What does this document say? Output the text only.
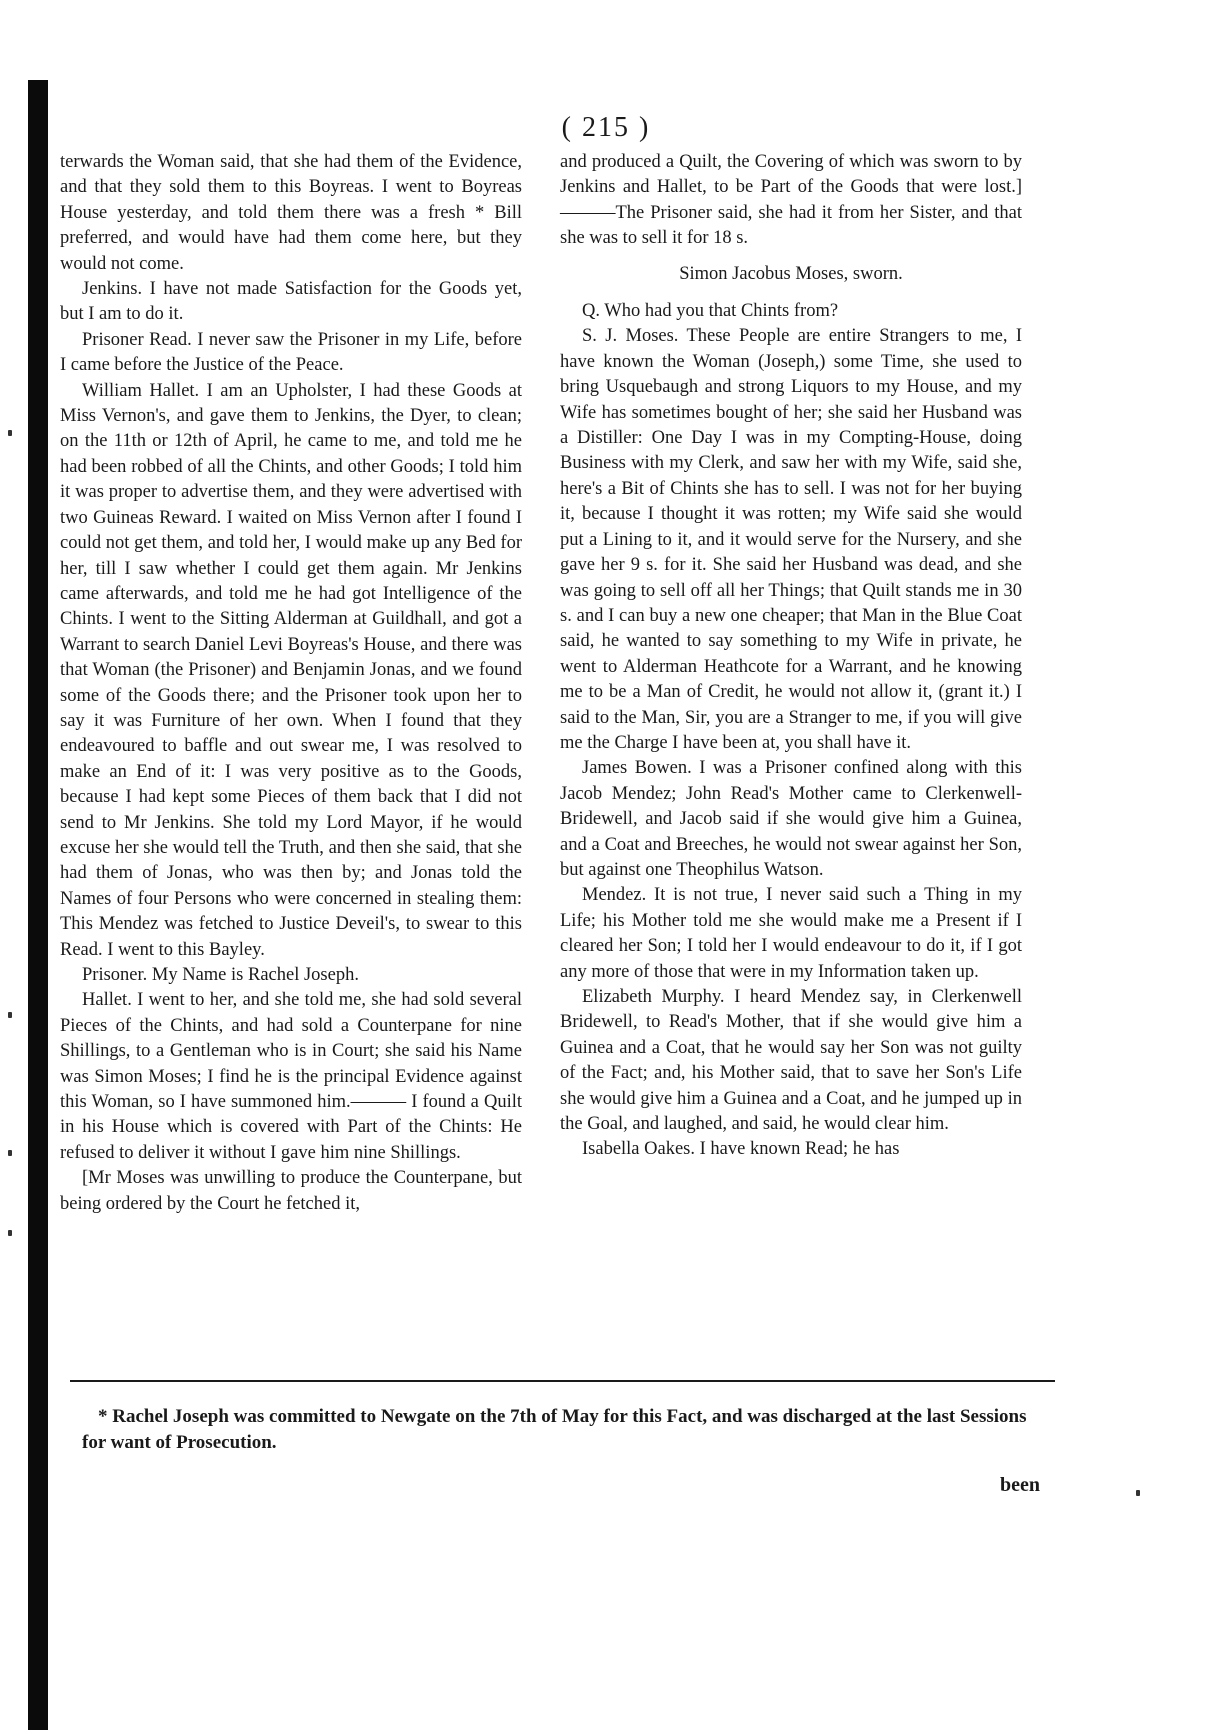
( 215 )

terwards the Woman said, that she had them of the Evidence, and that they sold them to this Boyreas. I went to Boyreas House yesterday, and told them there was a fresh * Bill preferred, and would have had them come here, but they would not come.

Jenkins. I have not made Satisfaction for the Goods yet, but I am to do it.

Prisoner Read. I never saw the Prisoner in my Life, before I came before the Justice of the Peace.

William Hallet. I am an Upholster, I had these Goods at Miss Vernon's, and gave them to Jenkins, the Dyer, to clean; on the 11th or 12th of April, he came to me, and told me he had been robbed of all the Chints, and other Goods; I told him it was proper to advertise them, and they were advertised with two Guineas Reward. I waited on Miss Vernon after I found I could not get them, and told her, I would make up any Bed for her, till I saw whether I could get them again. Mr Jenkins came afterwards, and told me he had got Intelligence of the Chints. I went to the Sitting Alderman at Guildhall, and got a Warrant to search Daniel Levi Boyreas's House, and there was that Woman (the Prisoner) and Benjamin Jonas, and we found some of the Goods there; and the Prisoner took upon her to say it was Furniture of her own. When I found that they endeavoured to baffle and out swear me, I was resolved to make an End of it: I was very positive as to the Goods, because I had kept some Pieces of them back that I did not send to Mr Jenkins. She told my Lord Mayor, if he would excuse her she would tell the Truth, and then she said, that she had them of Jonas, who was then by; and Jonas told the Names of four Persons who were concerned in stealing them: This Mendez was fetched to Justice Deveil's, to swear to this Read. I went to this Bayley.

Prisoner. My Name is Rachel Joseph.

Hallet. I went to her, and she told me, she had sold several Pieces of the Chints, and had sold a Counterpane for nine Shillings, to a Gentleman who is in Court; she said his Name was Simon Moses; I find he is the principal Evidence against this Woman, so I have summoned him.——— I found a Quilt in his House which is covered with Part of the Chints: He refused to deliver it without I gave him nine Shillings.

[Mr Moses was unwilling to produce the Counterpane, but being ordered by the Court he fetched it,

and produced a Quilt, the Covering of which was sworn to by Jenkins and Hallet, to be Part of the Goods that were lost.]———The Prisoner said, she had it from her Sister, and that she was to sell it for 18 s.

Simon Jacobus Moses, sworn.

Q. Who had you that Chints from?

S. J. Moses. These People are entire Strangers to me, I have known the Woman (Joseph,) some Time, she used to bring Usquebaugh and strong Liquors to my House, and my Wife has sometimes bought of her; she said her Husband was a Distiller: One Day I was in my Compting-House, doing Business with my Clerk, and saw her with my Wife, said she, here's a Bit of Chints she has to sell. I was not for her buying it, because I thought it was rotten; my Wife said she would put a Lining to it, and it would serve for the Nursery, and she gave her 9 s. for it. She said her Husband was dead, and she was going to sell off all her Things; that Quilt stands me in 30 s. and I can buy a new one cheaper; that Man in the Blue Coat said, he wanted to say something to my Wife in private, he went to Alderman Heathcote for a Warrant, and he knowing me to be a Man of Credit, he would not allow it, (grant it.) I said to the Man, Sir, you are a Stranger to me, if you will give me the Charge I have been at, you shall have it.

James Bowen. I was a Prisoner confined along with this Jacob Mendez; John Read's Mother came to Clerkenwell-Bridewell, and Jacob said if she would give him a Guinea, and a Coat and Breeches, he would not swear against her Son, but against one Theophilus Watson.

Mendez. It is not true, I never said such a Thing in my Life; his Mother told me she would make me a Present if I cleared her Son; I told her I would endeavour to do it, if I got any more of those that were in my Information taken up.

Elizabeth Murphy. I heard Mendez say, in Clerkenwell Bridewell, to Read's Mother, that if she would give him a Guinea and a Coat, that he would say her Son was not guilty of the Fact; and, his Mother said, that to save her Son's Life she would give him a Guinea and a Coat, and he jumped up in the Goal, and laughed, and said, he would clear him.

Isabella Oakes. I have known Read; he has

* Rachel Joseph was committed to Newgate on the 7th of May for this Fact, and was discharged at the last Sessions for want of Prosecution.
been
